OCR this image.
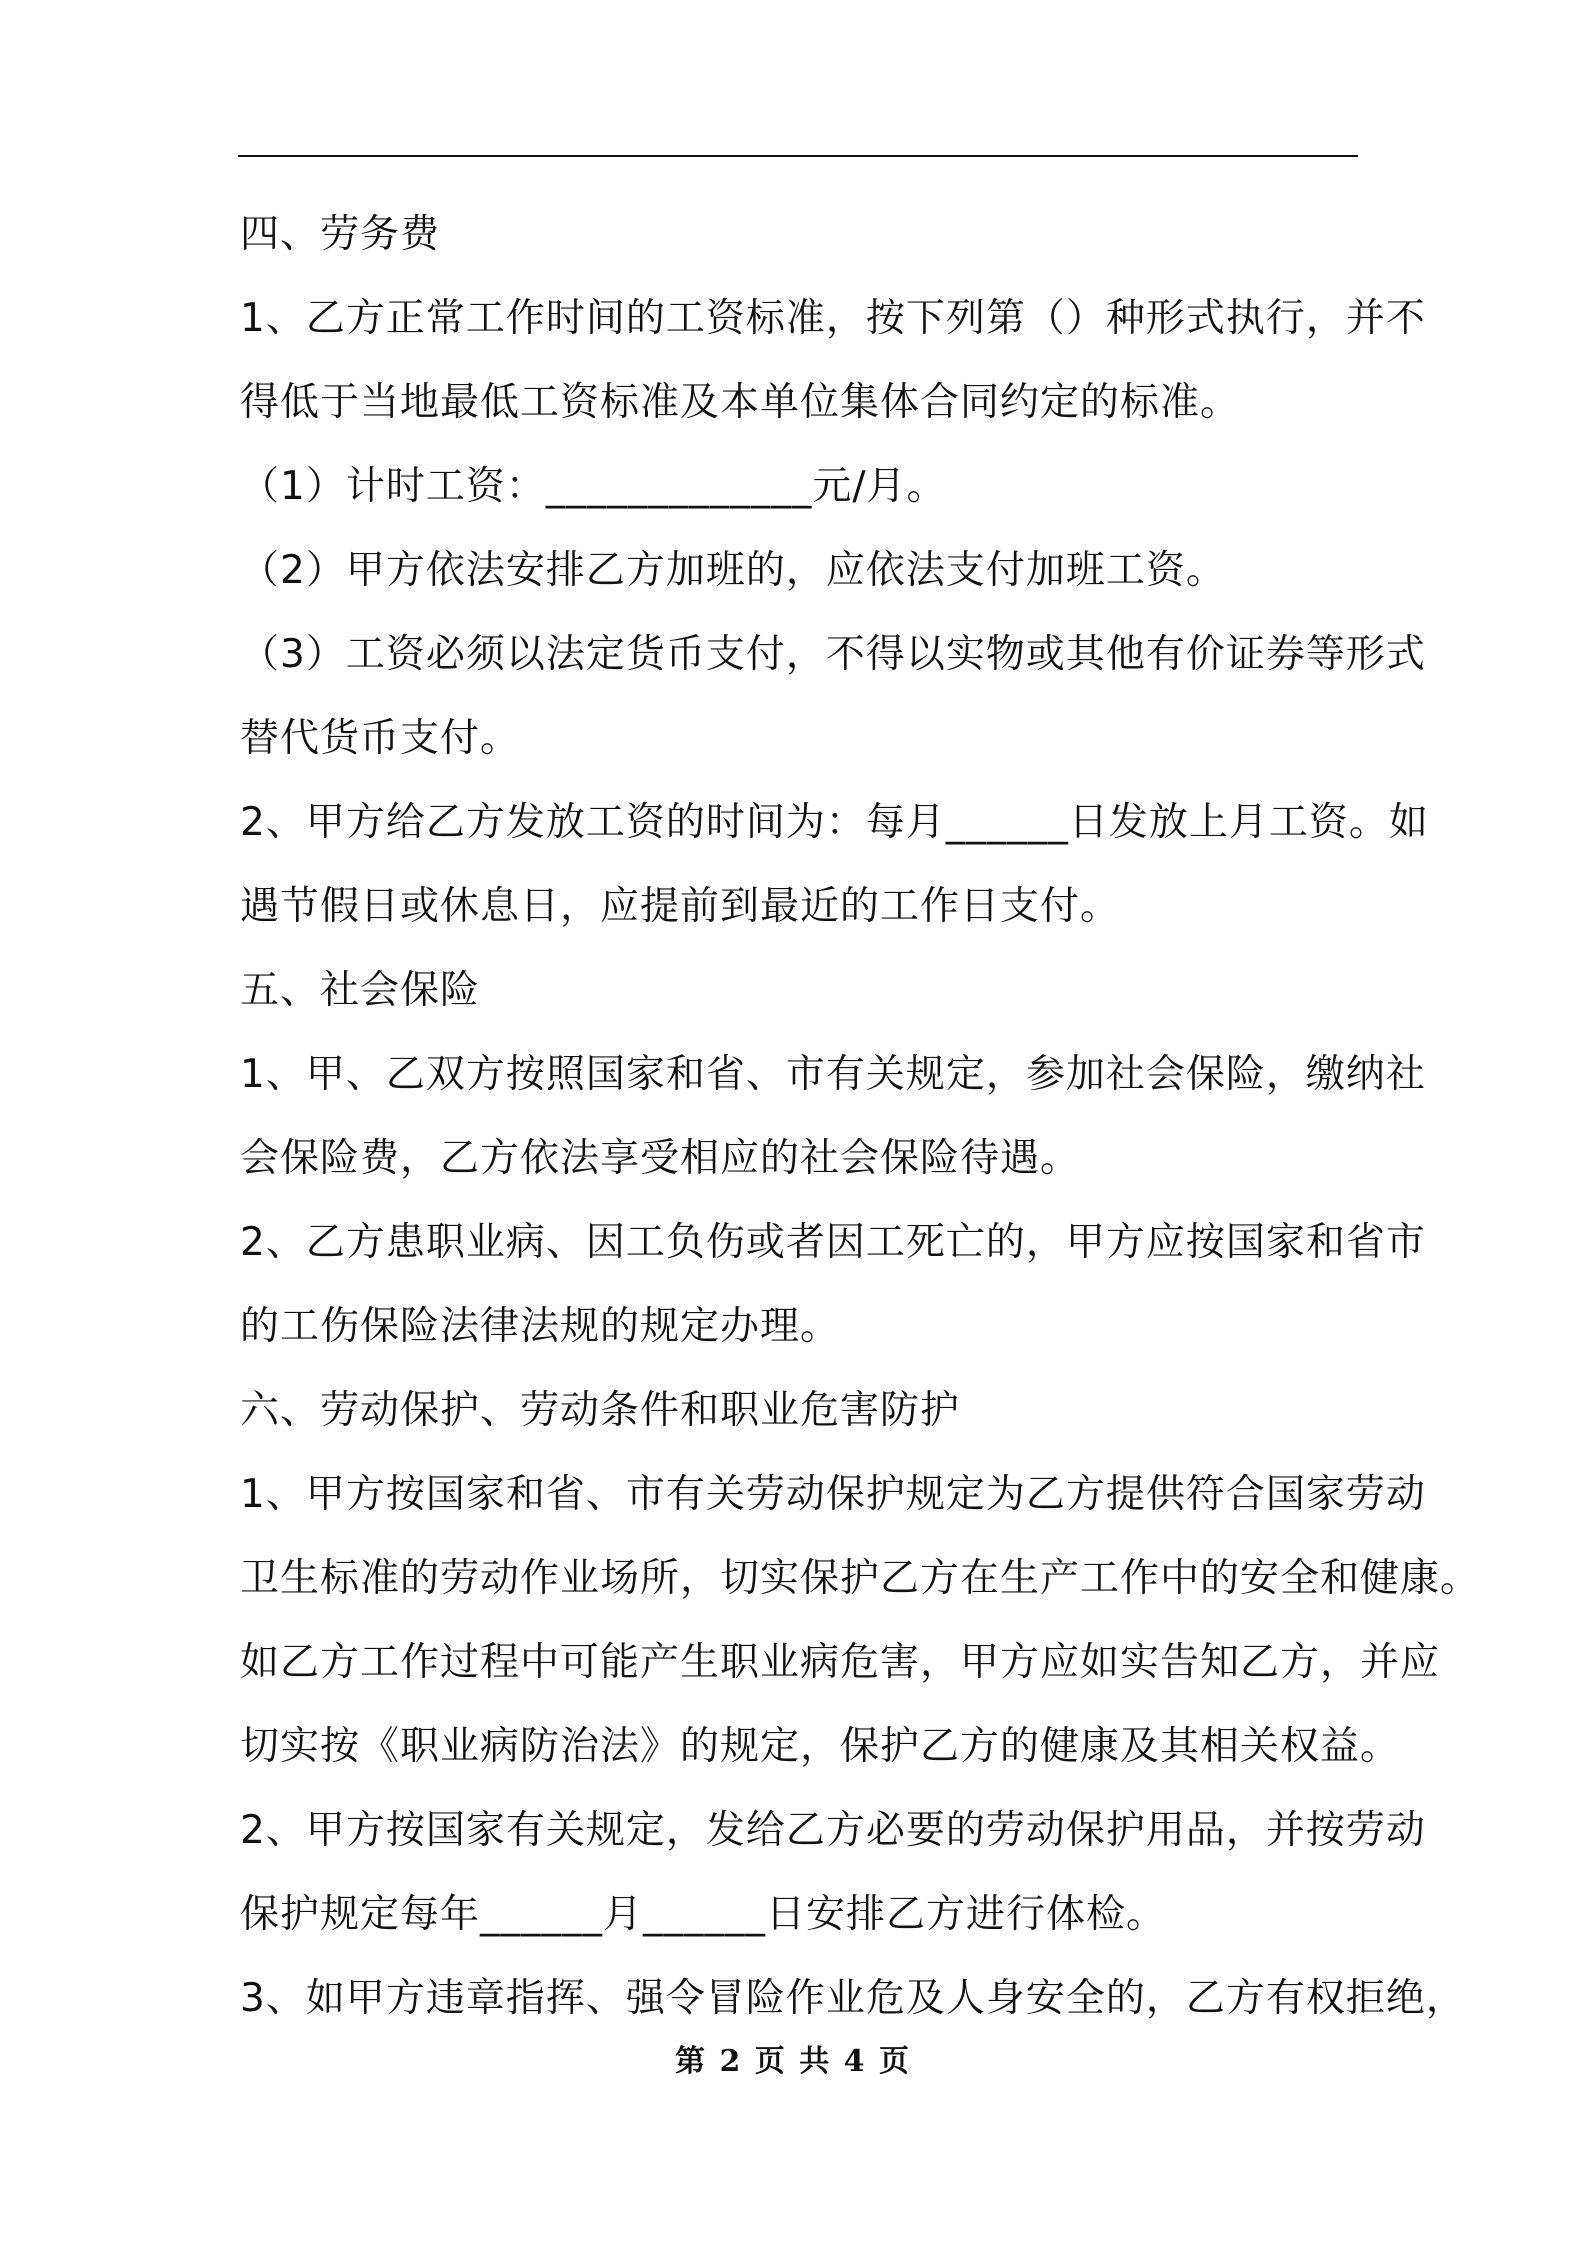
四、劳务费
1、乙方正常工作时间的工资标准，按下列第（）种形式执行，并不
得低于当地最低工资标准及本单位集体合同约定的标准。
（1）计时工资：_____________元/月。
（2）甲方依法安排乙方加班的，应依法支付加班工资。
（3）工资必须以法定货币支付，不得以实物或其他有价证券等形式
替代货币支付。
2、甲方给乙方发放工资的时间为：每月______日发放上月工资。如
遇节假日或休息日，应提前到最近的工作日支付。
五、社会保险
1、甲、乙双方按照国家和省、市有关规定，参加社会保险，缴纳社
会保险费，乙方依法享受相应的社会保险待遇。
2、乙方患职业病、因工负伤或者因工死亡的，甲方应按国家和省市
的工伤保险法律法规的规定办理。
六、劳动保护、劳动条件和职业危害防护
1、甲方按国家和省、市有关劳动保护规定为乙方提供符合国家劳动
卫生标准的劳动作业场所，切实保护乙方在生产工作中的安全和健康。
如乙方工作过程中可能产生职业病危害，甲方应如实告知乙方，并应
切实按《职业病防治法》的规定，保护乙方的健康及其相关权益。
2、甲方按国家有关规定，发给乙方必要的劳动保护用品，并按劳动
保护规定每年______月______日安排乙方进行体检。
3、如甲方违章指挥、强令冒险作业危及人身安全的，乙方有权拒绝，
第 2 页 共 4 页
